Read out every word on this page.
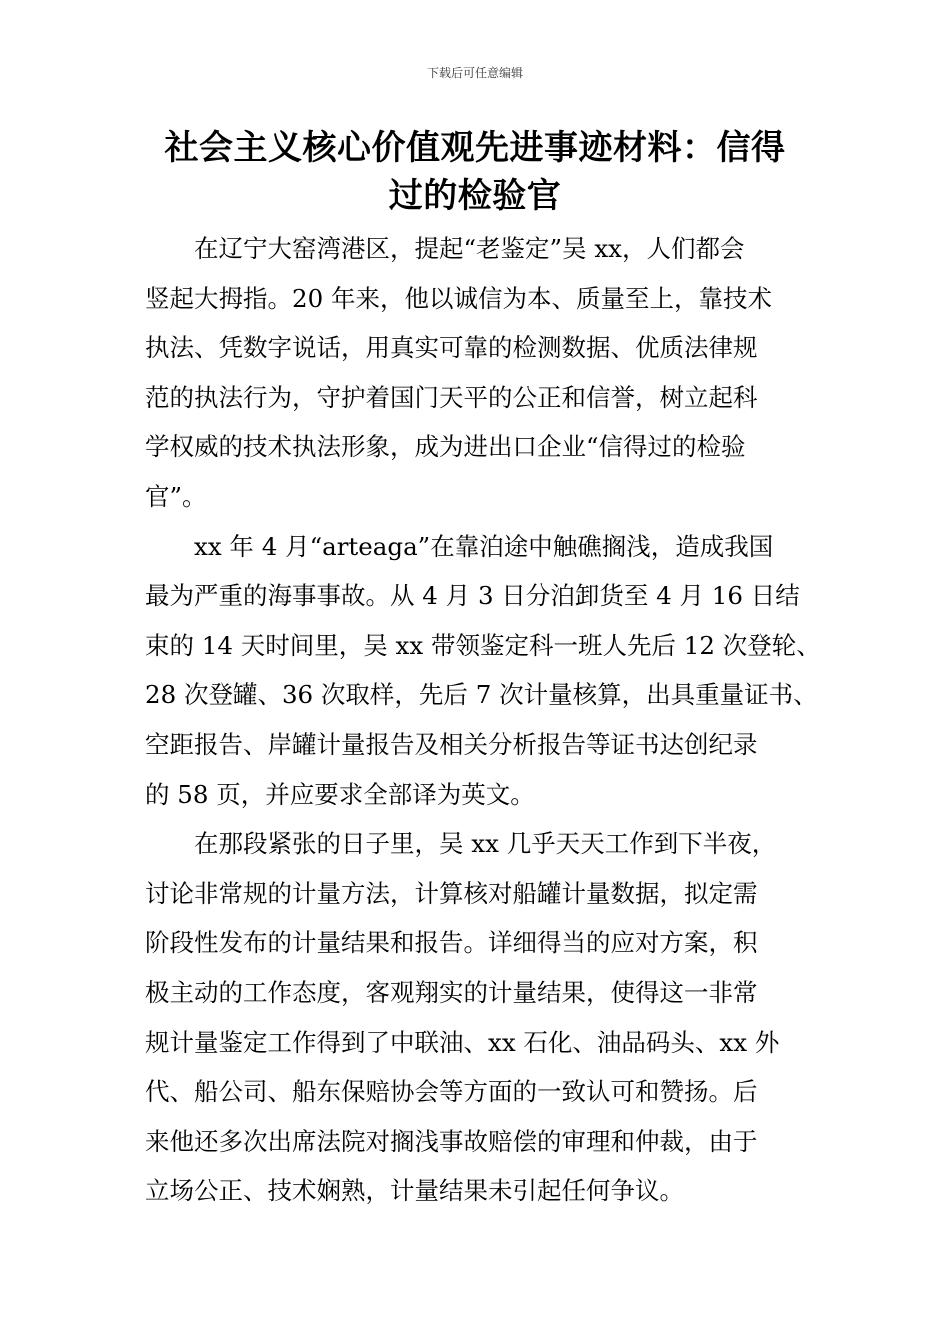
下载后可任意编辑
社会主义核心价值观先进事迹材料：信得
过的检验官

在辽宁大窑湾港区，提起“老鉴定”吴 xx，人们都会
竖起大拇指。20 年来，他以诚信为本、质量至上，靠技术
执法、凭数字说话，用真实可靠的检测数据、优质法律规
范的执法行为，守护着国门天平的公正和信誉，树立起科
学权威的技术执法形象，成为进出口企业“信得过的检验
官”。

xx 年 4 月“arteaga”在靠泊途中触礁搁浅，造成我国
最为严重的海事事故。从 4 月 3 日分泊卸货至 4 月 16 日结
束的 14 天时间里，吴 xx 带领鉴定科一班人先后 12 次登轮、
28 次登罐、36 次取样，先后 7 次计量核算，出具重量证书、
空距报告、岸罐计量报告及相关分析报告等证书达创纪录
的 58 页，并应要求全部译为英文。

在那段紧张的日子里，吴 xx 几乎天天工作到下半夜，
讨论非常规的计量方法，计算核对船罐计量数据，拟定需
阶段性发布的计量结果和报告。详细得当的应对方案，积
极主动的工作态度，客观翔实的计量结果，使得这一非常
规计量鉴定工作得到了中联油、xx 石化、油品码头、xx 外
代、船公司、船东保赔协会等方面的一致认可和赞扬。后
来他还多次出席法院对搁浅事故赔偿的审理和仲裁，由于
立场公正、技术娴熟，计量结果未引起任何争议。
